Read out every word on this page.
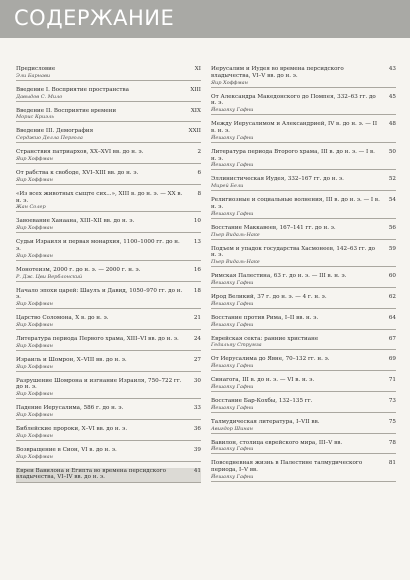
СОДЕРЖАНИЕ
Предисловие	XI
Эли Барнави
Введение I. Восприятие пространства	XIII
Давыдов С. Мило
Введение II. Восприятие времени	XIX
Морис Криэль
Введение III. Демография	XXII
Серджио Делла Пергола
Странствия патриархов, XX–XVI вв. до н. э.	2
Яир Хоффман
От рабства к свободе, XVI–XIII вв. до н. э.	6
Яир Хоффман
«Из всех животных сыщте сих...», XIII в. до н. э. — XX в. н. э.
8
Жан Солер
Завоевание Ханаана, XIII–XII вв. до н. э.	10
Яир Хоффман
Судьи Израиля и первая монархия, 1100–1000 гг. до н. э.
13
Яир Хоффман
Монотеизм, 2000 г. до н. э. — 2000 г. н. э.	16
Р. Дж. Цви Верблонский
Начало эпохи царей: Шаулъ и Давид, 1050–970 гг. до н. э.
18
Яир Хоффман
Царство Соломона, X в. до н. э.	21
Яир Хоффман
Литература периода Первого храма, XIII–VI вв. до н. э.	24
Яир Хоффман
Израиль и Шомрон, X–VIII вв. до н. э.	27
Яир Хоффман
Разрушение Шомрона и изгнание Израиля, 750–722 гг. до н. э.
30
Яир Хоффман
Падение Иерусалима, 586 г. до н. э.	33
Яир Хоффман
Библейские пророки, X–VI вв. до н. э.	36
Яир Хоффман
Возвращение в Сион, VI в. до н. э.	39
Яир Хоффман
Евреи Вавилона и Египта во времена персидского владычества, VI–IV вв. до н. э.
41
Иерусалим и Иудея во времена персидского владычества, VI–V вв. до н. э.
43
Яир Хоффман
От Александра Македонского до Помпея, 332–63 гг. до н. э.
45
Йешаяху Гафни
Между Иерусалимом и Александрией, IV в. до н. э. — II в. н. э.
48
Йешаяху Гафни
Литература периода Второго храма, III в. до н. э. — I в. н. э.
50
Йешаяху Гафни
Эллинистическая Иудея, 332–167 гг. до н. э.	52
Мирей Бели
Религиозные и социальные волнения, III в. до н. э. — I в. н. э.
54
Йешаяху Гафни
Восстание Маккавеев, 167–141 гг. до н. э.	56
Пьер Видаль-Наке
Подъем и упадок государства Хасмонеев, 142–63 гг. до н. э.
59
Пьер Видаль-Наке
Римская Палестина, 63 г. до н. э. — III в. н. э.	60
Йешаяху Гафни
Ирод Великий, 37 г. до н. э. — 4 г. н. э.	62
Йешаяху Гафни
Восстание против Рима, I–II вв. н. э.	64
Йешаяху Гафни
Еврейская секта: ранние христиане	67
Гедальяу Струмза
От Иерусалима до Явне, 70–132 гг. н. э.	69
Йешаяху Гафни
Синагога, III в. до н. э. — VI в. н. э.	71
Йешаяху Гафни
Восстание Бар-Кохбы, 132–135 гг.	73
Йешаяху Гафни
Талмудическая литература, I–VII вв.	75
Авигдор Шинан
Вавилон, столица еврейского мира, III–V вв.	78
Йешаяху Гафни
Повседневная жизнь в Палестине талмудического периода, I–V вв.
81
Йешаяху Гафни
